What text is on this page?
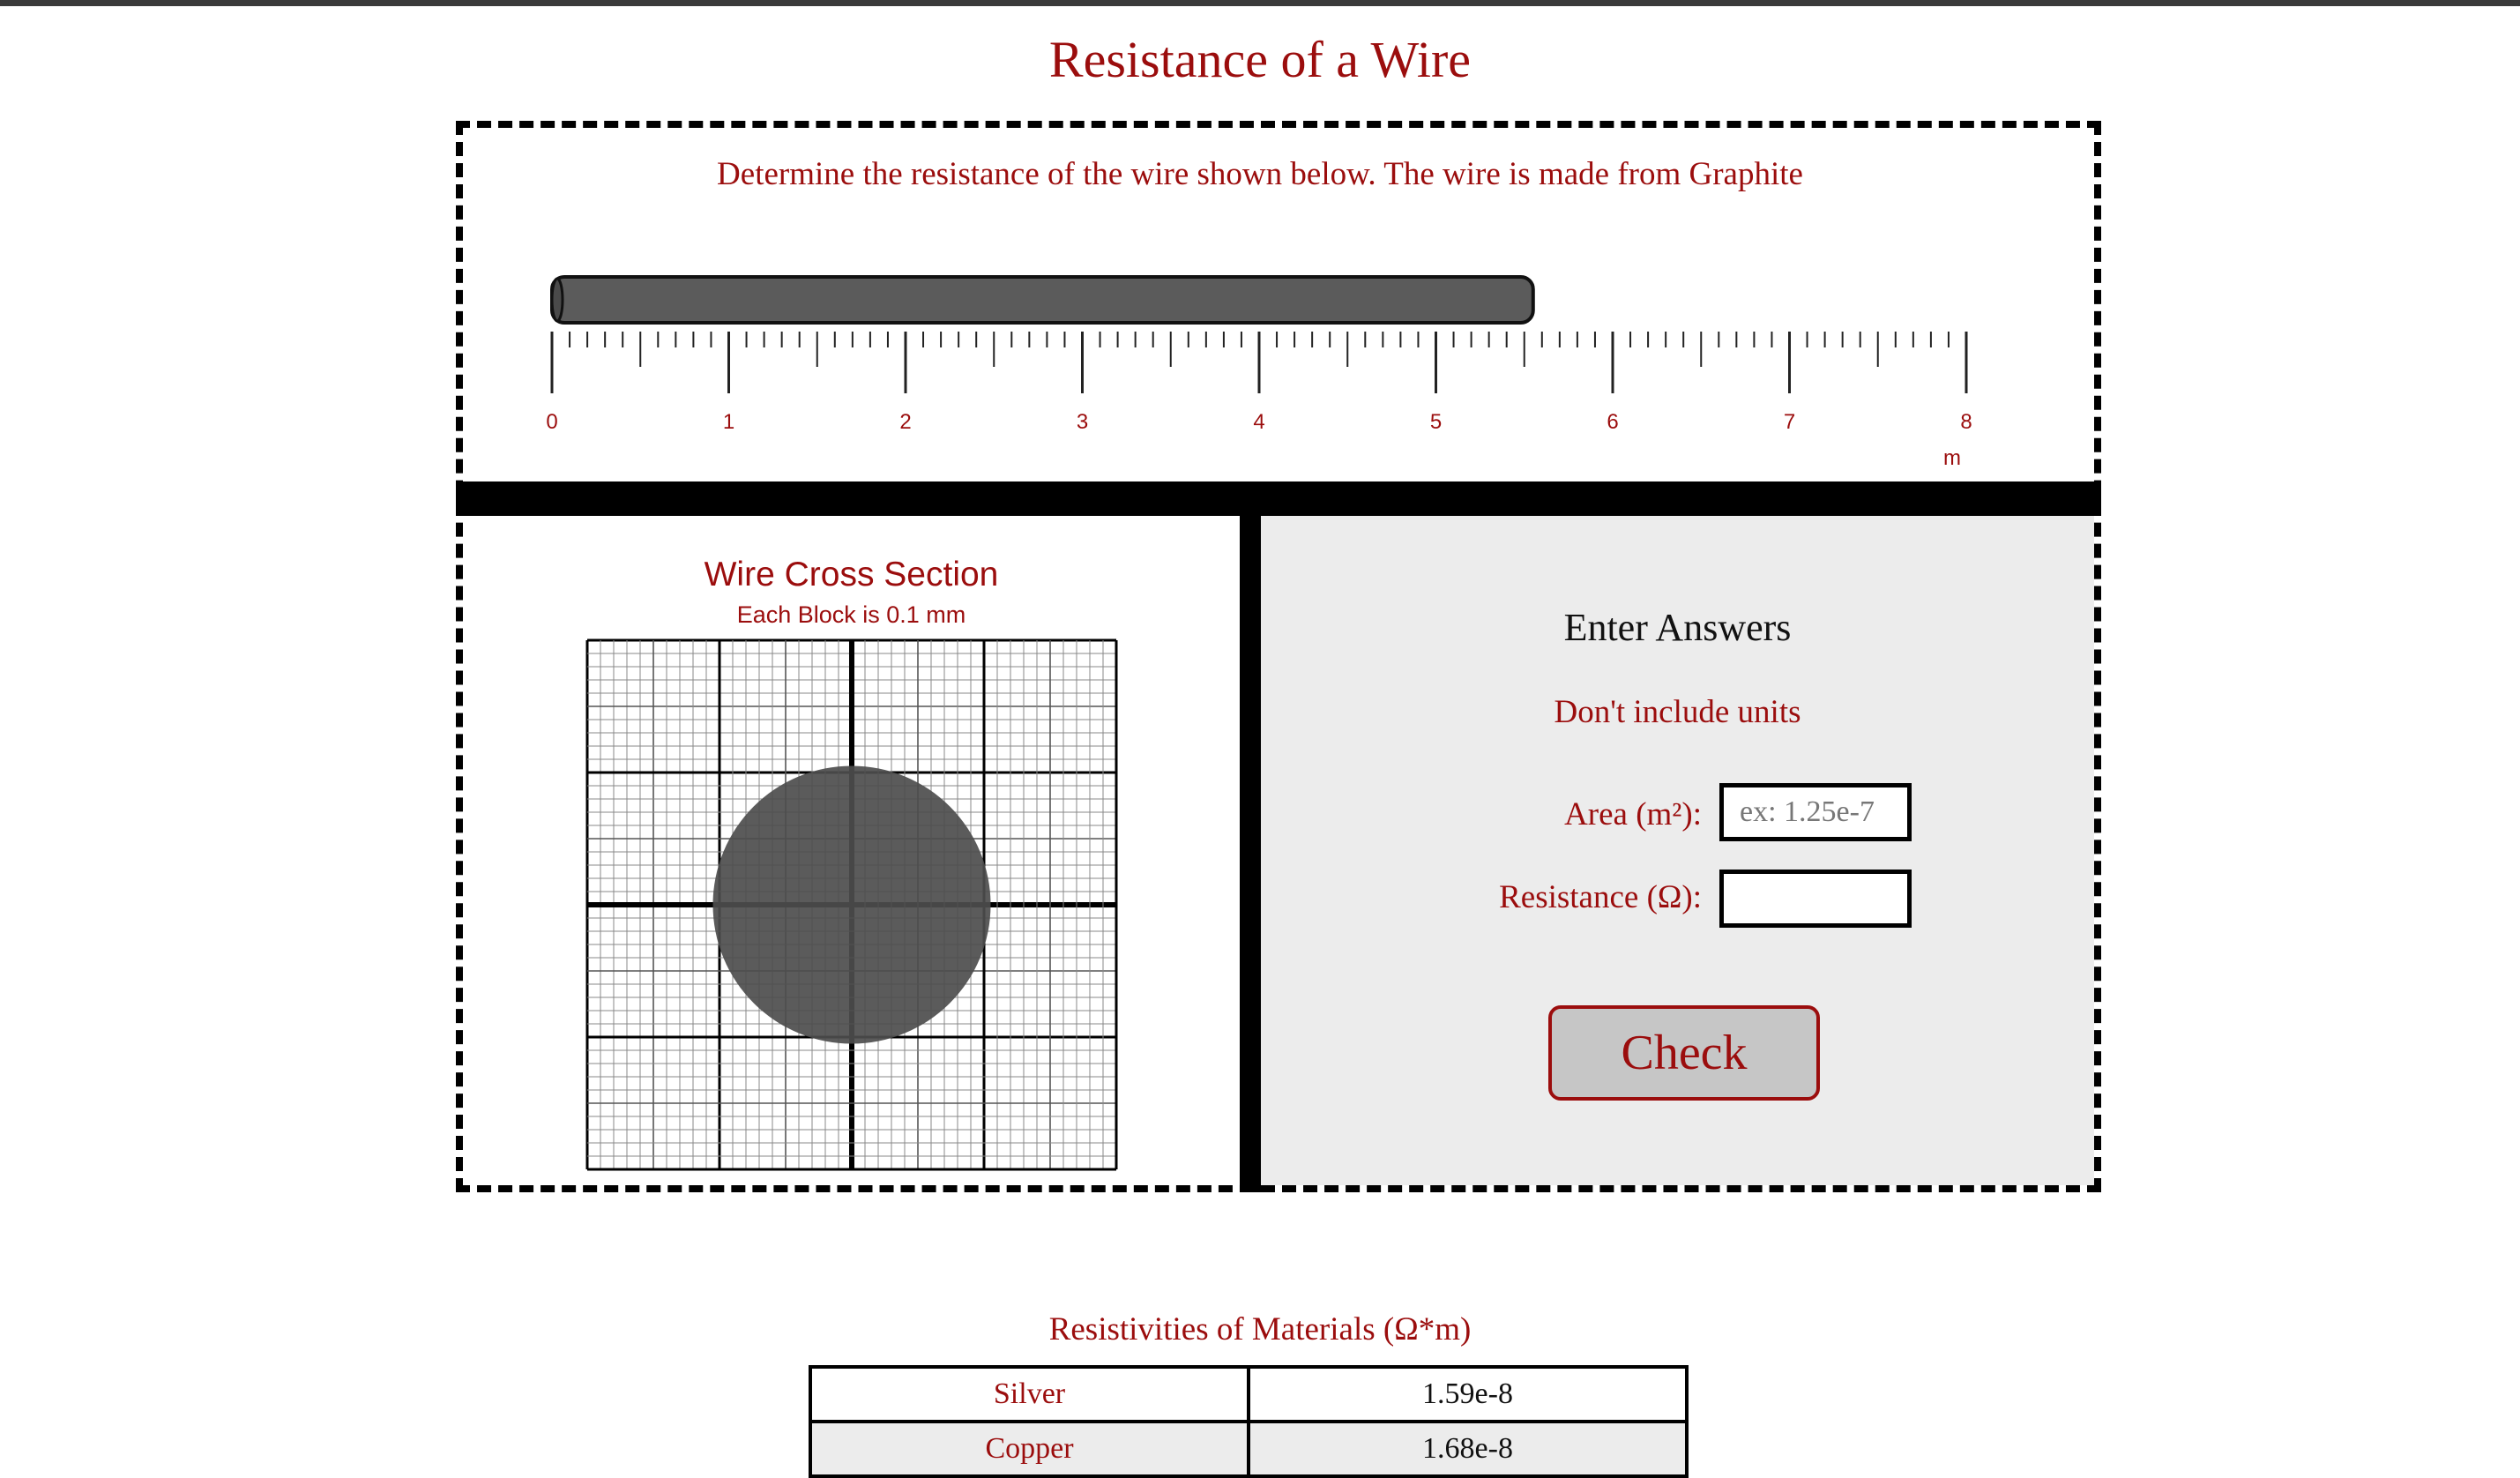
Resistance of a Wire
Determine the resistance of the wire shown below. The wire is made from Graphite
0	1	2	3	4	5	6	7	8
m
Wire Cross Section
Each Block is 0.1 mm	Enter Answers
Don't include units
Area (m²):
ex: 1.25e-7
Resistance (Ω):
Check
Resistivities of Materials (Ω*m)
Silver	1.59e-8
Copper	1.68e-8
